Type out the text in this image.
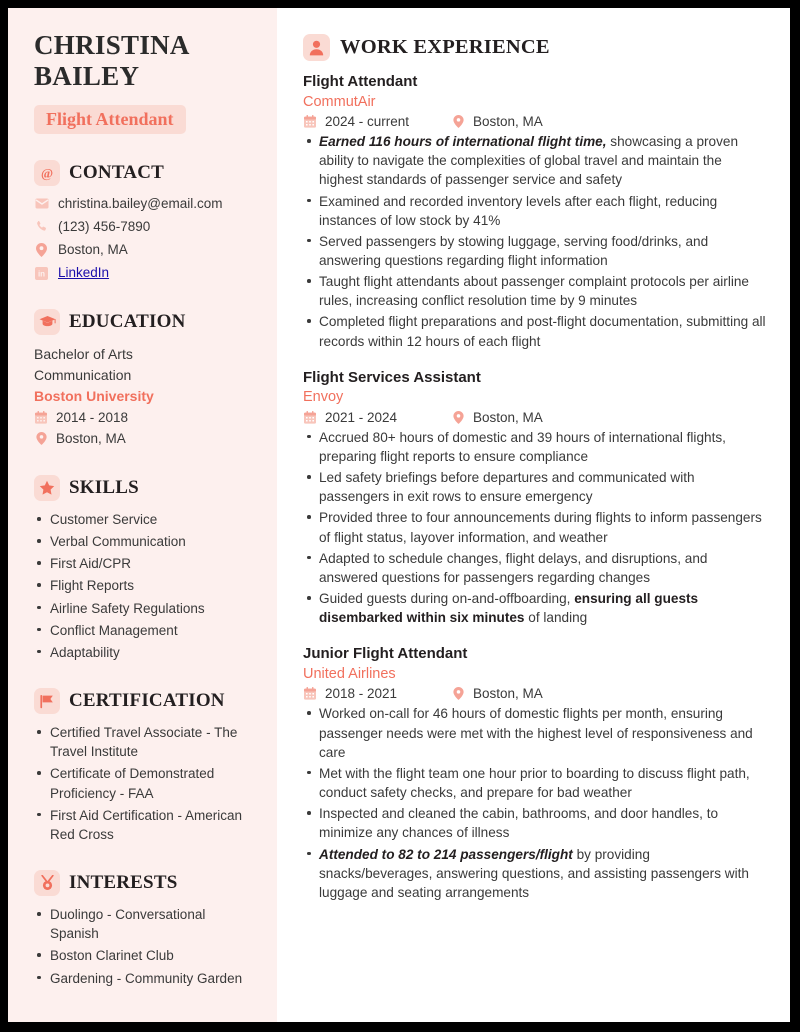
CHRISTINA BAILEY
Flight Attendant
@ CONTACT
christina.bailey@email.com
(123) 456-7890
Boston, MA
in LinkedIn
EDUCATION
Bachelor of Arts
Communication
Boston University
2014 - 2018
Boston, MA
SKILLS
Customer Service
Verbal Communication
First Aid/CPR
Flight Reports
Airline Safety Regulations
Conflict Management
Adaptability
CERTIFICATION
Certified Travel Associate - The Travel Institute
Certificate of Demonstrated Proficiency - FAA
First Aid Certification - American Red Cross
INTERESTS
Duolingo - Conversational Spanish
Boston Clarinet Club
Gardening - Community Garden
WORK EXPERIENCE
Flight Attendant
CommutAir
2024 - current	Boston, MA
Earned 116 hours of international flight time, showcasing a proven ability to navigate the complexities of global travel and maintain the highest standards of passenger service and safety
Examined and recorded inventory levels after each flight, reducing instances of low stock by 41%
Served passengers by stowing luggage, serving food/drinks, and answering questions regarding flight information
Taught flight attendants about passenger complaint protocols per airline rules, increasing conflict resolution time by 9 minutes
Completed flight preparations and post-flight documentation, submitting all records within 12 hours of each flight
Flight Services Assistant
Envoy
2021 - 2024	Boston, MA
Accrued 80+ hours of domestic and 39 hours of international flights, preparing flight reports to ensure compliance
Led safety briefings before departures and communicated with passengers in exit rows to ensure emergency
Provided three to four announcements during flights to inform passengers of flight status, layover information, and weather
Adapted to schedule changes, flight delays, and disruptions, and answered questions for passengers regarding changes
Guided guests during on-and-offboarding, ensuring all guests disembarked within six minutes of landing
Junior Flight Attendant
United Airlines
2018 - 2021	Boston, MA
Worked on-call for 46 hours of domestic flights per month, ensuring passenger needs were met with the highest level of responsiveness and care
Met with the flight team one hour prior to boarding to discuss flight path, conduct safety checks, and prepare for bad weather
Inspected and cleaned the cabin, bathrooms, and door handles, to minimize any chances of illness
Attended to 82 to 214 passengers/flight by providing snacks/beverages, answering questions, and assisting passengers with luggage and seating arrangements
